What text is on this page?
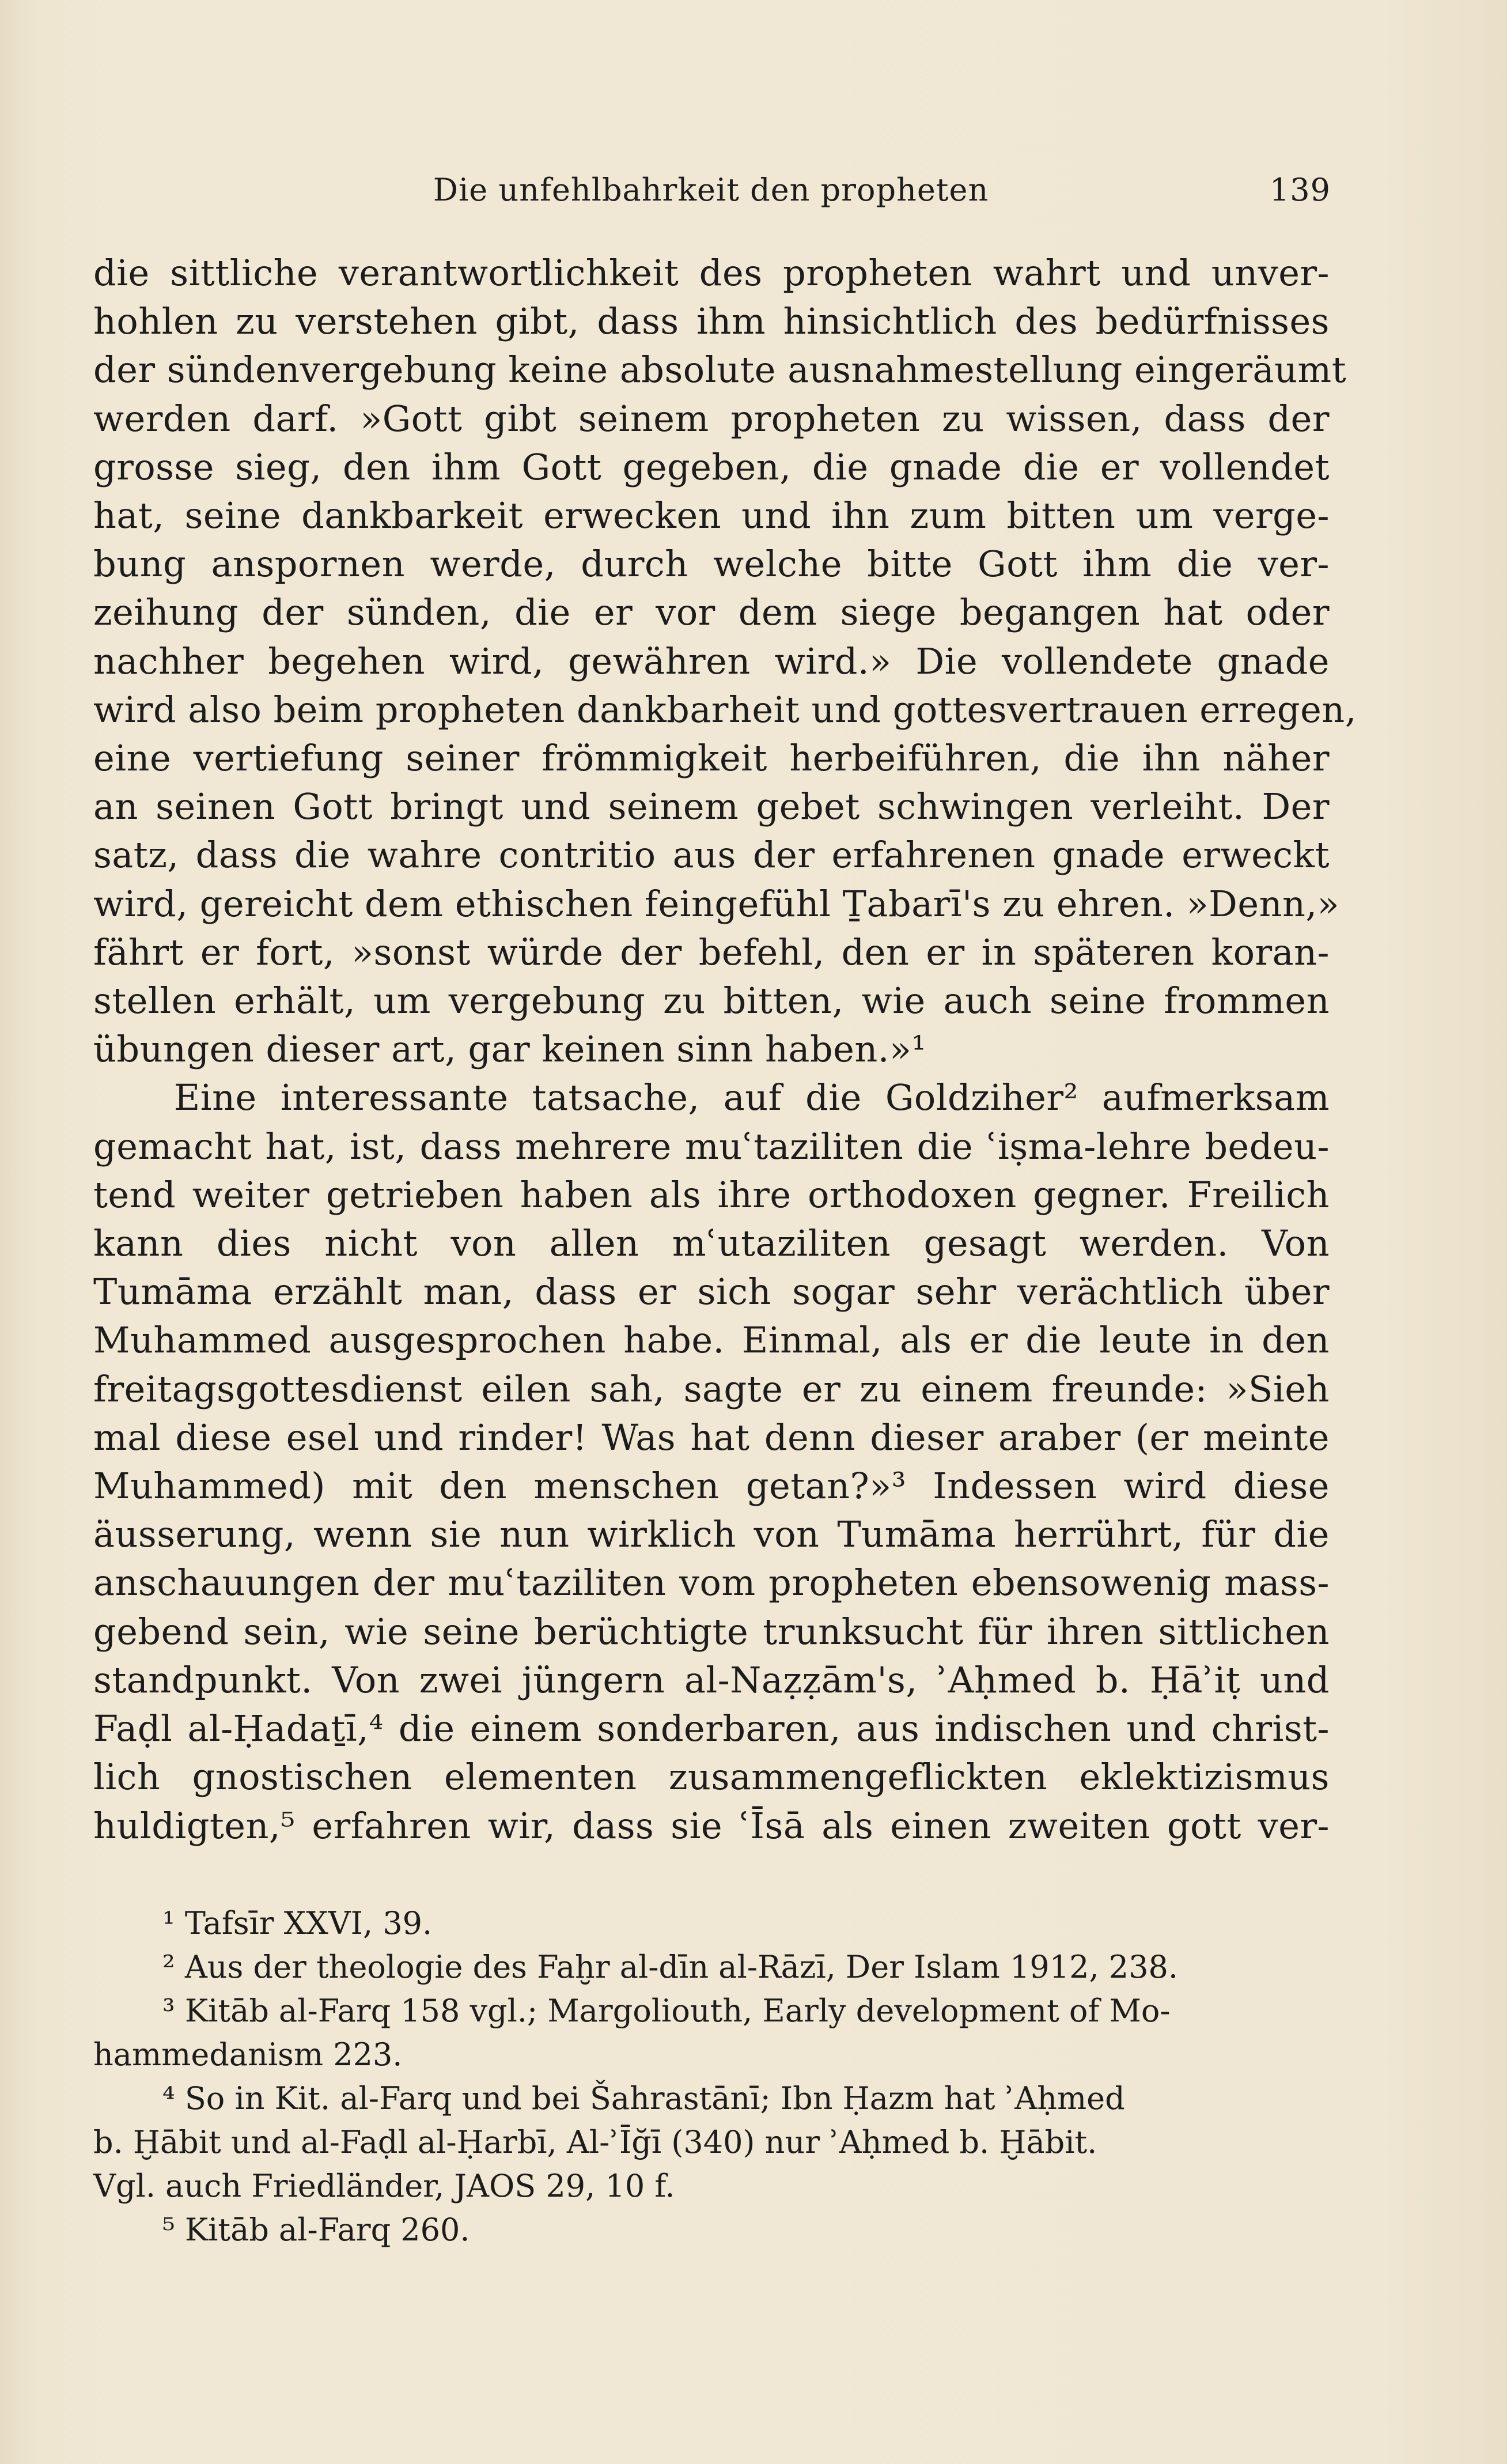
Die unfehlbahrkeit den propheten	139
die sittliche verantwortlichkeit des propheten wahrt und unver-
hohlen zu verstehen gibt, dass ihm hinsichtlich des bedürfnisses
der sündenvergebung keine absolute ausnahmestellung eingeräumt
werden darf. »Gott gibt seinem propheten zu wissen, dass der
grosse sieg, den ihm Gott gegeben, die gnade die er vollendet
hat, seine dankbarkeit erwecken und ihn zum bitten um verge-
bung anspornen werde, durch welche bitte Gott ihm die ver-
zeihung der sünden, die er vor dem siege begangen hat oder
nachher begehen wird, gewähren wird.» Die vollendete gnade
wird also beim propheten dankbarheit und gottesvertrauen erregen,
eine vertiefung seiner frömmigkeit herbeiführen, die ihn näher
an seinen Gott bringt und seinem gebet schwingen verleiht. Der
satz, dass die wahre contritio aus der erfahrenen gnade erweckt
wird, gereicht dem ethischen feingefühl Ṯabarī's zu ehren. »Denn,»
fährt er fort, »sonst würde der befehl, den er in späteren koran-
stellen erhält, um vergebung zu bitten, wie auch seine frommen
übungen dieser art, gar keinen sinn haben.»¹
Eine interessante tatsache, auf die Goldziher² aufmerksam
gemacht hat, ist, dass mehrere muʿtaziliten die ʿiṣma-lehre bedeu-
tend weiter getrieben haben als ihre orthodoxen gegner. Freilich
kann dies nicht von allen mʿutaziliten gesagt werden. Von
Tumāma erzählt man, dass er sich sogar sehr verächtlich über
Muhammed ausgesprochen habe. Einmal, als er die leute in den
freitagsgottesdienst eilen sah, sagte er zu einem freunde: »Sieh
mal diese esel und rinder! Was hat denn dieser araber (er meinte
Muhammed) mit den menschen getan?»³ Indessen wird diese
äusserung, wenn sie nun wirklich von Tumāma herrührt, für die
anschauungen der muʿtaziliten vom propheten ebensowenig mass-
gebend sein, wie seine berüchtigte trunksucht für ihren sittlichen
standpunkt. Von zwei jüngern al-Naẓẓām's, ʾAḥmed b. Ḥāʾiṭ und
Faḍl al-Ḥadaṯī,⁴ die einem sonderbaren, aus indischen und christ-
lich gnostischen elementen zusammengeflickten eklektizismus
huldigten,⁵ erfahren wir, dass sie ʿĪsā als einen zweiten gott ver-
¹ Tafsīr XXVI, 39.
² Aus der theologie des Faḫr al-dīn al-Rāzī, Der Islam 1912, 238.
³ Kitāb al-Farq 158 vgl.; Margoliouth, Early development of Mo-
hammedanism 223.
⁴ So in Kit. al-Farq und bei Šahrastānī; Ibn Ḥazm hat ʾAḥmed
b. Ḫābit und al-Faḍl al-Ḥarbī, Al-ʾĪğī (340) nur ʾAḥmed b. Ḫābit.
Vgl. auch Friedländer, JAOS 29, 10 f.
⁵ Kitāb al-Farq 260.
